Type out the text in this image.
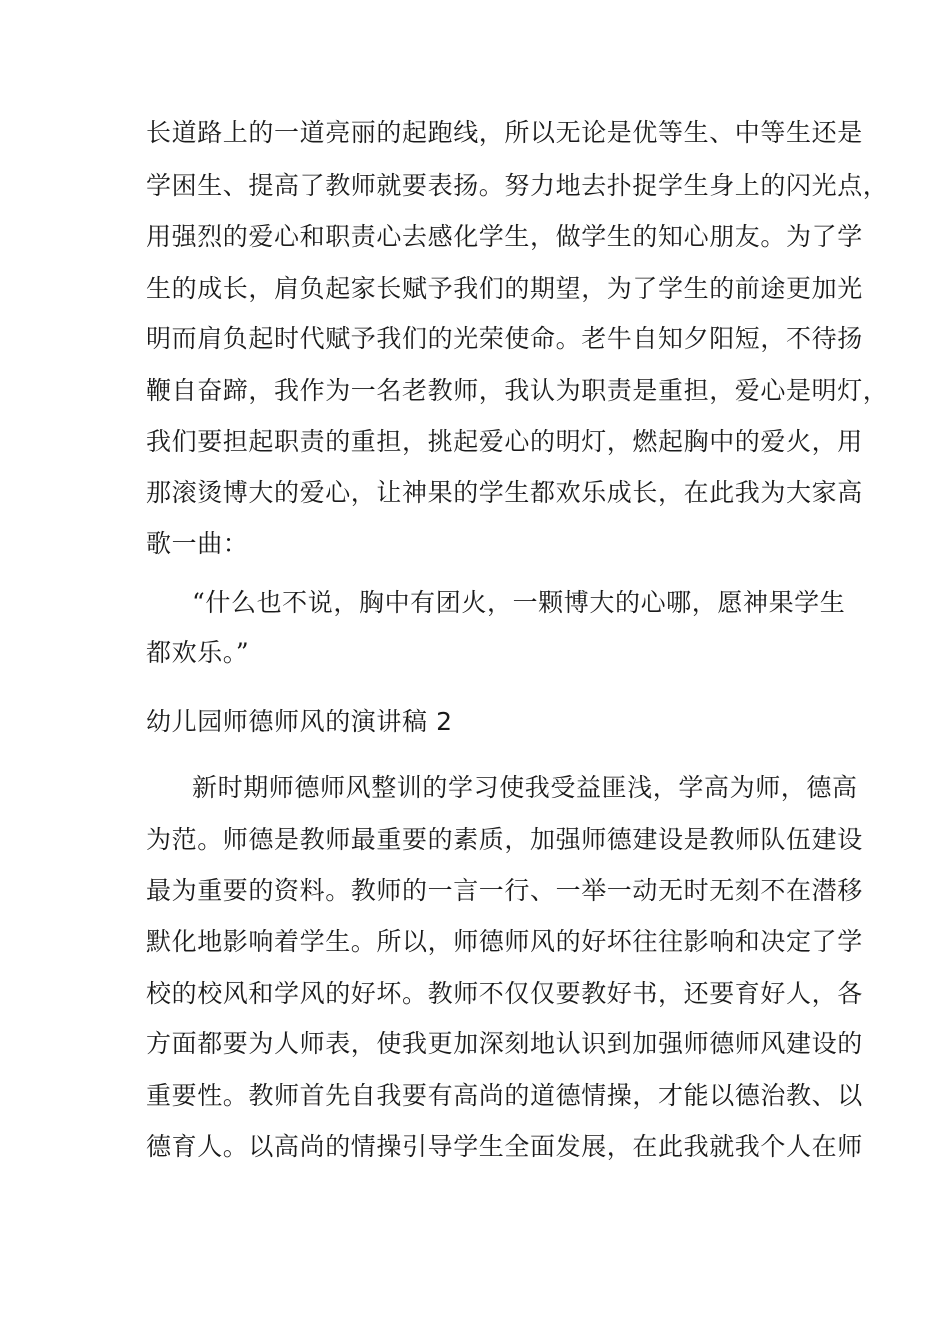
长道路上的一道亮丽的起跑线，所以无论是优等生、中等生还是
学困生、提高了教师就要表扬。努力地去扑捉学生身上的闪光点，
用强烈的爱心和职责心去感化学生，做学生的知心朋友。为了学
生的成长，肩负起家长赋予我们的期望，为了学生的前途更加光
明而肩负起时代赋予我们的光荣使命。老牛自知夕阳短，不待扬
鞭自奋蹄，我作为一名老教师，我认为职责是重担，爱心是明灯，
我们要担起职责的重担，挑起爱心的明灯，燃起胸中的爱火，用
那滚烫博大的爱心，让神果的学生都欢乐成长，在此我为大家高
歌一曲：
“什么也不说，胸中有团火，一颗博大的心哪，愿神果学生
都欢乐。”
幼儿园师德师风的演讲稿 2
新时期师德师风整训的学习使我受益匪浅，学高为师，德高
为范。师德是教师最重要的素质，加强师德建设是教师队伍建设
最为重要的资料。教师的一言一行、一举一动无时无刻不在潜移
默化地影响着学生。所以，师德师风的好坏往往影响和决定了学
校的校风和学风的好坏。教师不仅仅要教好书，还要育好人，各
方面都要为人师表，使我更加深刻地认识到加强师德师风建设的
重要性。教师首先自我要有高尚的道德情操，才能以德治教、以
德育人。以高尚的情操引导学生全面发展，在此我就我个人在师
